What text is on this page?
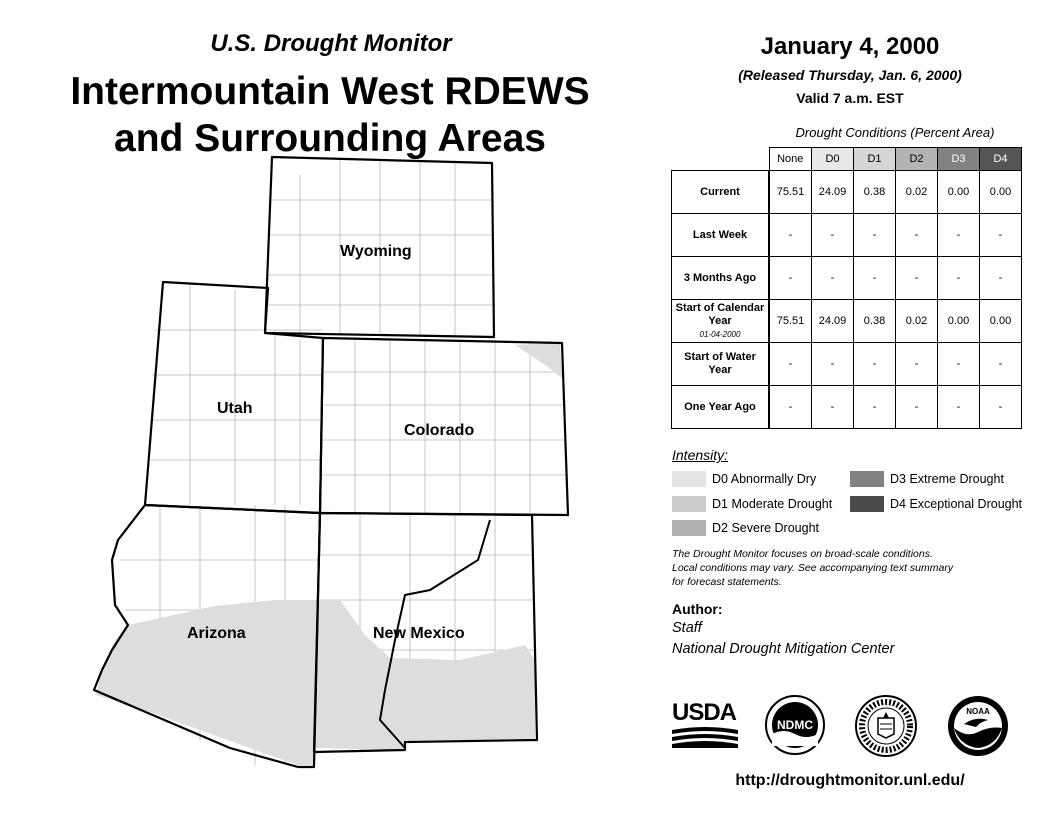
U.S. Drought Monitor
Intermountain West RDEWS
and Surrounding Areas
Wyoming
Utah
Colorado
Arizona	New Mexico
January 4, 2000
(Released Thursday, Jan. 6, 2000)
Valid 7 a.m. EST
Drought Conditions (Percent Area)
	None	D0	D1	D2	D3	D4
Current	75.51	24.09	0.38	0.02	0.00	0.00
Last Week	-	-	-	-	-	-
3 Months Ago	-	-	-	-	-	-
Start of Calendar Year
01-04-2000	75.51	24.09	0.38	0.02	0.00	0.00
Start of Water Year	-	-	-	-	-	-
One Year Ago	-	-	-	-	-	-
Intensity:
D0 Abnormally Dry
D1 Moderate Drought
D2 Severe Drought
D3 Extreme Drought
D4 Exceptional Drought
The Drought Monitor focuses on broad-scale conditions.
Local conditions may vary. See accompanying text summary
for forecast statements.
Author:
Staff
National Drought Mitigation Center
USDA	NDMC
NOAA
http://droughtmonitor.unl.edu/
